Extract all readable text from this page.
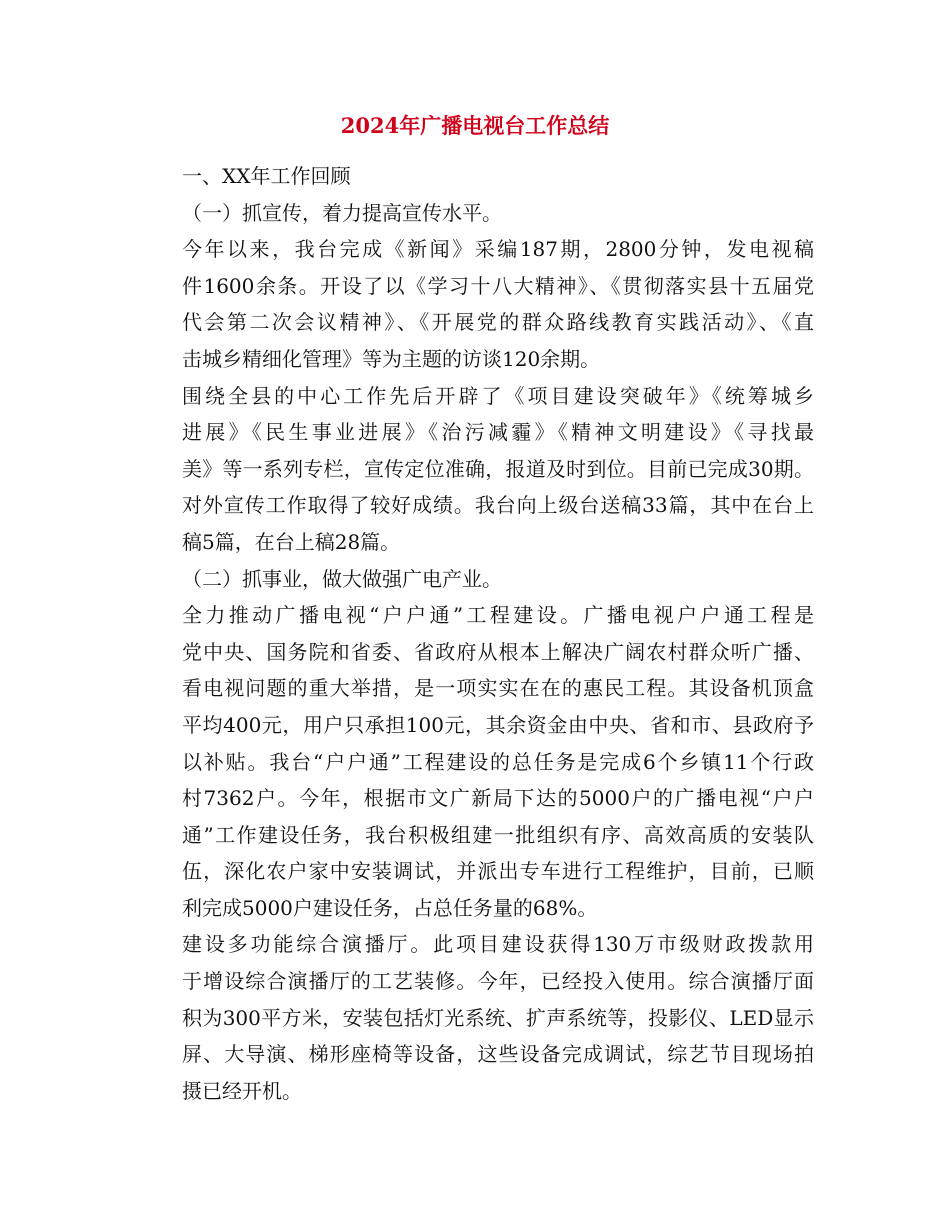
2024年广播电视台工作总结

一、XX年工作回顾

（一）抓宣传，着力提高宣传水平。

今年以来，我台完成《新闻》采编187期，2800分钟，发电视稿
件1600余条。开设了以《学习十八大精神》、《贯彻落实县十五届党
代会第二次会议精神》、《开展党的群众路线教育实践活动》、《直
击城乡精细化管理》等为主题的访谈120余期。
围绕全县的中心工作先后开辟了《项目建设突破年》《统筹城乡
进展》《民生事业进展》《治污减霾》《精神文明建设》《寻找最
美》等一系列专栏，宣传定位准确，报道及时到位。目前已完成30期。
对外宣传工作取得了较好成绩。我台向上级台送稿33篇，其中在台上
稿5篇，在台上稿28篇。

（二）抓事业，做大做强广电产业。

全力推动广播电视“户户通”工程建设。广播电视户户通工程是
党中央、国务院和省委、省政府从根本上解决广阔农村群众听广播、
看电视问题的重大举措，是一项实实在在的惠民工程。其设备机顶盒
平均400元，用户只承担100元，其余资金由中央、省和市、县政府予
以补贴。我台“户户通”工程建设的总任务是完成6个乡镇11个行政
村7362户。今年，根据市文广新局下达的5000户的广播电视“户户
通”工作建设任务，我台积极组建一批组织有序、高效高质的安装队
伍，深化农户家中安装调试，并派出专车进行工程维护，目前，已顺
利完成5000户建设任务，占总任务量的68%。
建设多功能综合演播厅。此项目建设获得130万市级财政拨款用
于增设综合演播厅的工艺装修。今年，已经投入使用。综合演播厅面
积为300平方米，安装包括灯光系统、扩声系统等，投影仪、LED显示
屏、大导演、梯形座椅等设备，这些设备完成调试，综艺节目现场拍
摄已经开机。
